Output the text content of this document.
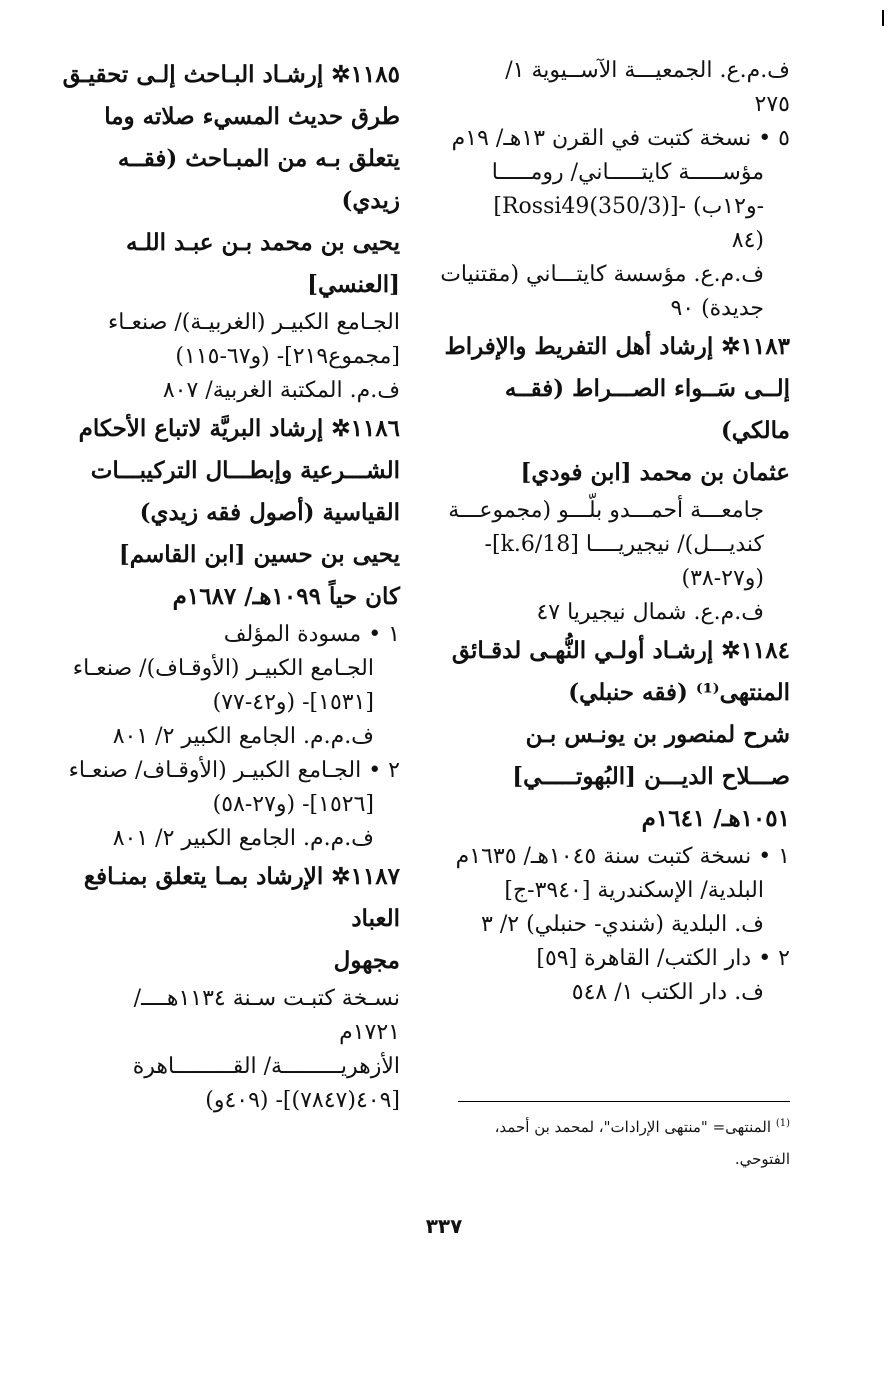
ف.م.ع. الجمعيـــة الآســيوية ١/
٢٧٥
٥ • نسخة كتبت في القرن ١٣هـ/ ١٩م
مؤســـــة كايتـــــاني/ رومـــــا
[Rossi49(350/3)]- (و١٢ب-
٨٤)
ف.م.ع. مؤسسة كايتـــاني (مقتنيات
جديدة) ٩٠
١١٨٣✲ إرشاد أهل التفريط والإفراط
إلــى سَــواء الصـــراط (فقــه
مالكي)
عثمان بن محمد [ابن فودي]
جامعـــة أحمـــدو بلّـــو (مجموعـــة
كنديـــل)/ نيجيريــــا [k.6/18]-
(و٢٧-٣٨)
ف.م.ع. شمال نيجيريا ٤٧
١١٨٤✲ إرشـاد أولـي النُّهـى لدقـائق
المنتهى⁽¹⁾ (فقه حنبلي)
شرح لمنصور بن يونـس بـن
صـــلاح الديـــن [البُهوتـــــي]
١٠٥١هـ/ ١٦٤١م
١ • نسخة كتبت سنة ١٠٤٥هـ/ ١٦٣٥م
البلدية/ الإسكندرية [٣٩٤٠-ج]
ف. البلدية (شندي- حنبلي) ٢/ ٣
٢ • دار الكتب/ القاهرة [٥٩]
ف. دار الكتب ١/ ٥٤٨
١١٨٥✲ إرشـاد البـاحث إلـى تحقيـق
طرق حديث المسيء صلاته وما
يتعلق بـه من المبـاحث (فقــه
زيدي)
يحيى بن محمد بـن عبـد اللـه
[العنسي]
الجـامع الكبيـر (الغربيـة)/ صنعـاء
[مجموع٢١٩]- (و٦٧-١١٥)
ف.م. المكتبة الغربية/ ٨٠٧
١١٨٦✲ إرشاد البريَّة لاتباع الأحكام
الشـــرعية وإبطـــال التركيبـــات
القياسية (أصول فقه زيدي)
يحيى بن حسين [ابن القاسم]
كان حياً ١٠٩٩هـ/ ١٦٨٧م
١ • مسودة المؤلف
الجـامع الكبيـر (الأوقـاف)/ صنعـاء
[١٥٣١]- (و٤٢-٧٧)
ف.م.م. الجامع الكبير ٢/ ٨٠١
٢ • الجـامع الكبيـر (الأوقـاف/ صنعـاء
[١٥٢٦]- (و٢٧-٥٨)
ف.م.م. الجامع الكبير ٢/ ٨٠١
١١٨٧✲ الإرشاد بمـا يتعلق بمنـافع
العباد
مجهول
نسـخة كتبـت سـنة ١١٣٤هــــ/
١٧٢١م
الأزهريـــــــــة/ القـــــــــاهرة
[٤٠٩(٧٨٤٧)]- (٤٠٩و)
$^{(1)}$ المنتهى= "منتهى الإرادات"، لمحمد بن أحمد،
الفتوحي.
٣٣٧
